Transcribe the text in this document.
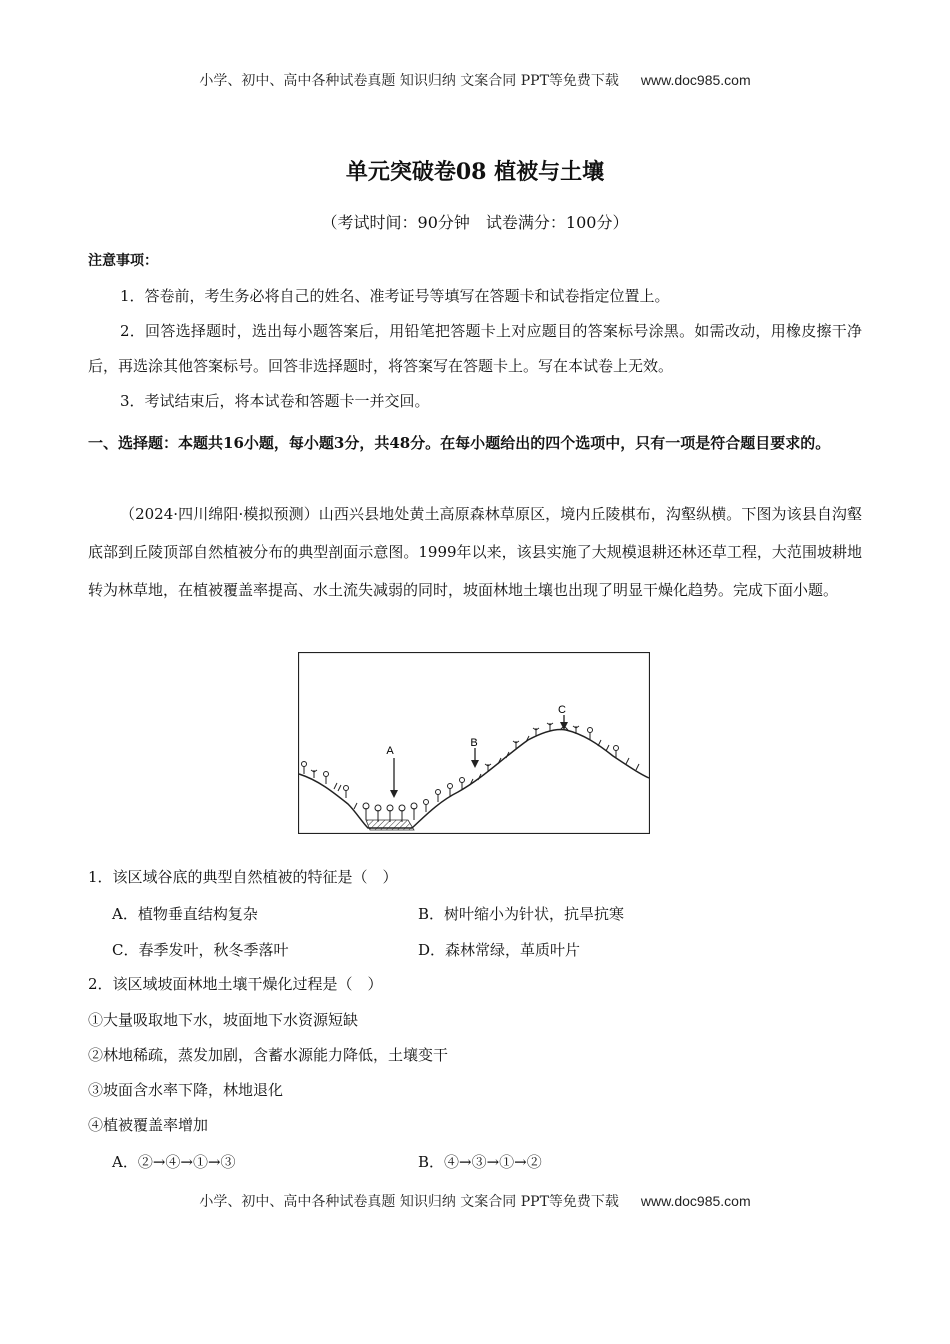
小学、初中、高中各种试卷真题 知识归纳 文案合同 PPT等免费下载 www.doc985.com
单元突破卷08 植被与土壤
（考试时间：90分钟　试卷满分：100分）
注意事项：
1．答卷前，考生务必将自己的姓名、准考证号等填写在答题卡和试卷指定位置上。
2．回答选择题时，选出每小题答案后，用铅笔把答题卡上对应题目的答案标号涂黑。如需改动，用橡皮擦干净后，再选涂其他答案标号。回答非选择题时，将答案写在答题卡上。写在本试卷上无效。
3．考试结束后，将本试卷和答题卡一并交回。
一、选择题：本题共16小题，每小题3分，共48分。在每小题给出的四个选项中，只有一项是符合题目要求的。
（2024·四川绵阳·模拟预测）山西兴县地处黄土高原森林草原区，境内丘陵棋布，沟壑纵横。下图为该县自沟壑底部到丘陵顶部自然植被分布的典型剖面示意图。1999年以来，该县实施了大规模退耕还林还草工程，大范围坡耕地转为林草地，在植被覆盖率提高、水土流失减弱的同时，坡面林地土壤也出现了明显干燥化趋势。完成下面小题。
A
B
C
1．该区域谷底的典型自然植被的特征是（　）
A．植物垂直结构复杂	B．树叶缩小为针状，抗旱抗寒
C．春季发叶，秋冬季落叶	D．森林常绿，革质叶片
2．该区域坡面林地土壤干燥化过程是（　）
①大量吸取地下水，坡面地下水资源短缺
②林地稀疏，蒸发加剧，含蓄水源能力降低，土壤变干
③坡面含水率下降，林地退化
④植被覆盖率增加
A．②→④→①→③	B．④→③→①→②
小学、初中、高中各种试卷真题 知识归纳 文案合同 PPT等免费下载 www.doc985.com
